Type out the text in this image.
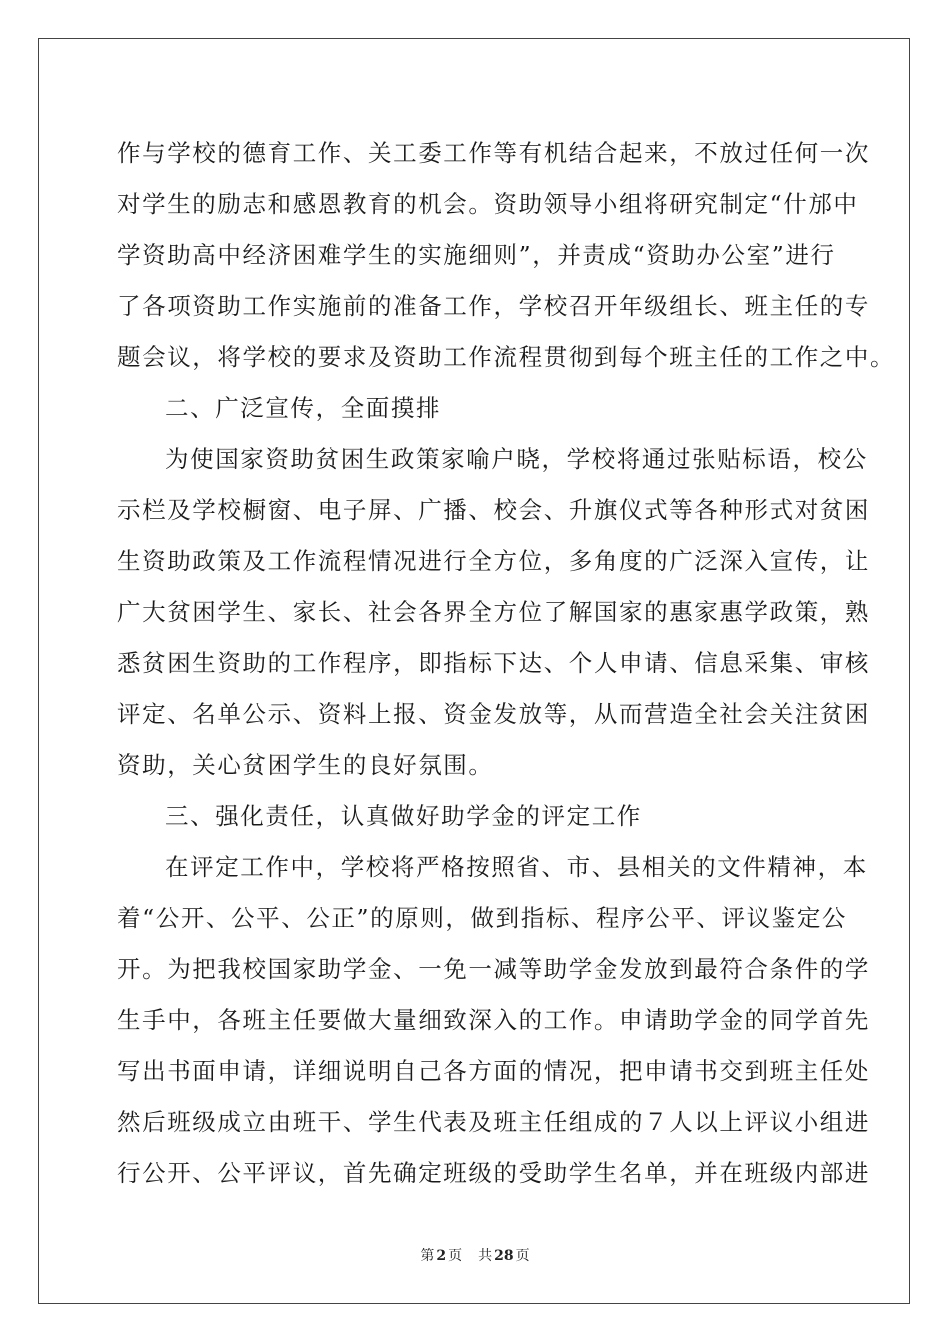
作与学校的德育工作、关工委工作等有机结合起来，不放过任何一次

对学生的励志和感恩教育的机会。资助领导小组将研究制定“什邡中

学资助高中经济困难学生的实施细则”，并责成“资助办公室”进行

了各项资助工作实施前的准备工作，学校召开年级组长、班主任的专

题会议，将学校的要求及资助工作流程贯彻到每个班主任的工作之中。

二、广泛宣传，全面摸排

为使国家资助贫困生政策家喻户晓，学校将通过张贴标语，校公

示栏及学校橱窗、电子屏、广播、校会、升旗仪式等各种形式对贫困

生资助政策及工作流程情况进行全方位，多角度的广泛深入宣传，让

广大贫困学生、家长、社会各界全方位了解国家的惠家惠学政策，熟

悉贫困生资助的工作程序，即指标下达、个人申请、信息采集、审核

评定、名单公示、资料上报、资金发放等，从而营造全社会关注贫困

资助，关心贫困学生的良好氛围。

三、强化责任，认真做好助学金的评定工作

在评定工作中，学校将严格按照省、市、县相关的文件精神，本

着“公开、公平、公正”的原则，做到指标、程序公平、评议鉴定公

开。为把我校国家助学金、一免一减等助学金发放到最符合条件的学

生手中，各班主任要做大量细致深入的工作。申请助学金的同学首先

写出书面申请，详细说明自己各方面的情况，把申请书交到班主任处

然后班级成立由班干、学生代表及班主任组成的７人以上评议小组进

行公开、公平评议，首先确定班级的受助学生名单，并在班级内部进

第 2 页 共 28 页
